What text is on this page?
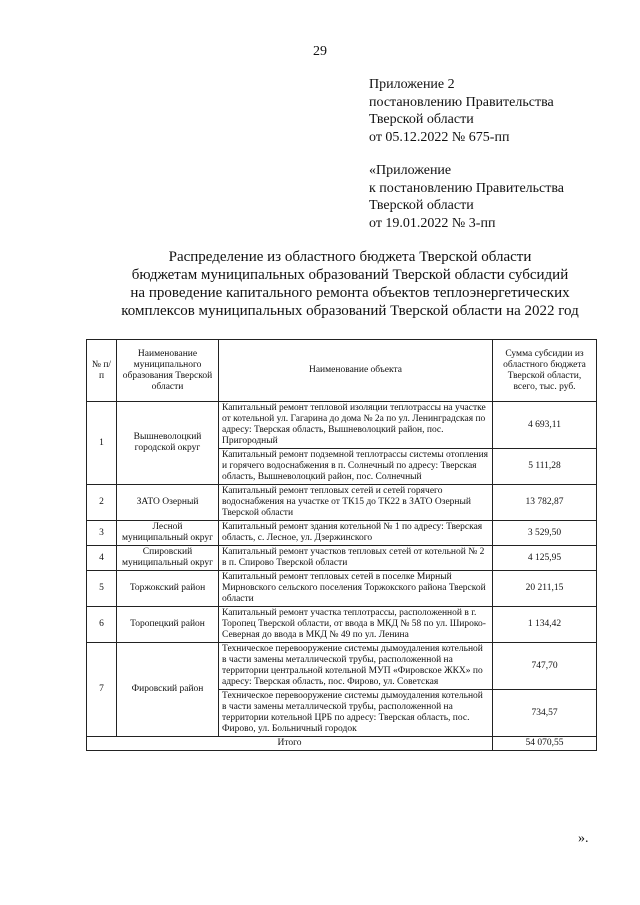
29
Приложение 2
постановлению Правительства
Тверской области
от 05.12.2022 № 675-пп
«Приложение
к постановлению Правительства
Тверской области
от 19.01.2022 № 3-пп
Распределение из областного бюджета Тверской области
бюджетам муниципальных образований Тверской области субсидий
на проведение капитального ремонта объектов теплоэнергетических
комплексов муниципальных образований Тверской области на 2022 год
№ п/п	Наименование муниципального образования Тверской области	Наименование объекта	Сумма субсидии из областного бюджета Тверской области, всего, тыс. руб.
1	Вышневолоцкий городской округ	Капитальный ремонт тепловой изоляции теплотрассы на участке от котельной ул. Гагарина до дома № 2а по ул. Ленинградская по адресу: Тверская область, Вышневолоцкий район, пос. Пригородный	4 693,11
		Капитальный ремонт подземной теплотрассы системы отопления и горячего водоснабжения в п. Солнечный по адресу: Тверская область, Вышневолоцкий район, пос. Солнечный	5 111,28
2	ЗАТО Озерный	Капитальный ремонт тепловых сетей и сетей горячего водоснабжения на участке от ТК15 до ТК22 в ЗАТО Озерный Тверской области	13 782,87
3	Лесной муниципальный округ	Капитальный ремонт здания котельной № 1 по адресу: Тверская область, с. Лесное, ул. Дзержинского	3 529,50
4	Спировский муниципальный округ	Капитальный ремонт участков тепловых сетей от котельной № 2 в п. Спирово Тверской области	4 125,95
5	Торжокский район	Капитальный ремонт тепловых сетей в поселке Мирный Мирновского сельского поселения Торжокского района Тверской области	20 211,15
6	Торопецкий район	Капитальный ремонт участка теплотрассы, расположенной в г. Торопец Тверской области, от ввода в МКД № 58 по ул. Широко-Северная до ввода в МКД № 49 по ул. Ленина	1 134,42
7	Фировский район	Техническое перевооружение системы дымоудаления котельной в части замены металлической трубы, расположенной на территории центральной котельной МУП «Фировское ЖКХ» по адресу: Тверская область, пос. Фирово, ул. Советская	747,70
		Техническое перевооружение системы дымоудаления котельной в части замены металлической трубы, расположенной на территории котельной ЦРБ по адресу: Тверская область, пос. Фирово, ул. Больничный городок	734,57
Итого			54 070,55
».
